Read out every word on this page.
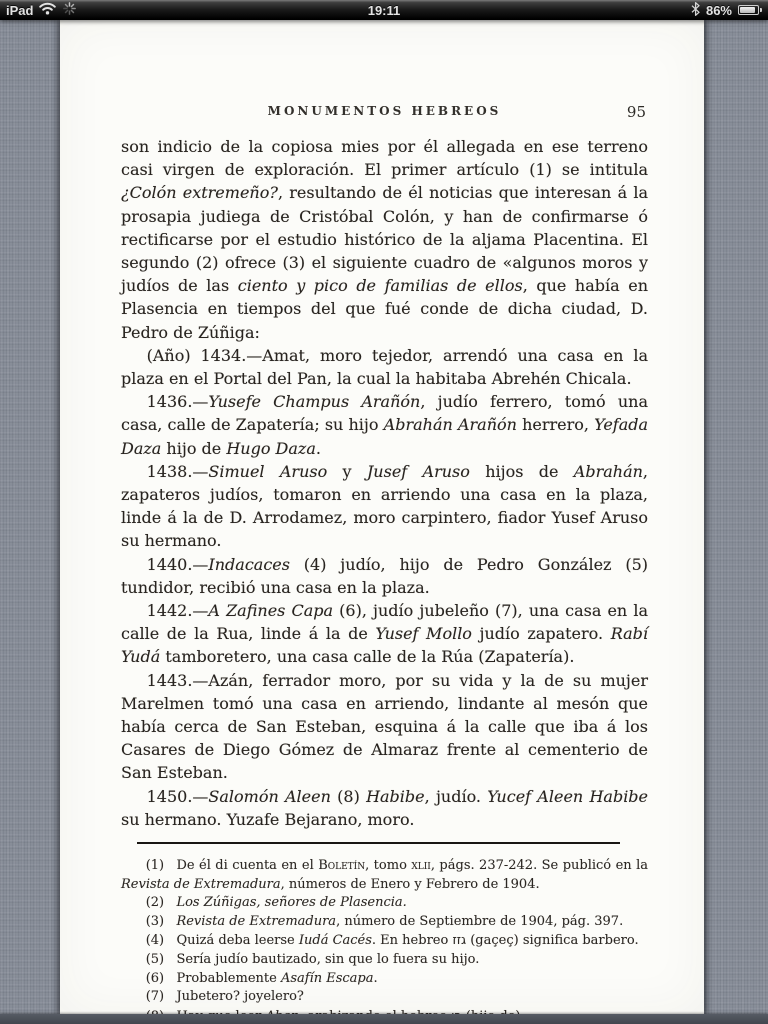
iPad	19:11	86%
MONUMENTOS HEBREOS	95

son indicio de la copiosa mies por él allegada en ese terreno casi virgen de exploración. El primer artículo (1) se intitula ¿Colón extremeño?, resultando de él noticias que interesan á la prosapia judiega de Cristóbal Colón, y han de confirmarse ó rectificarse por el estudio histórico de la aljama Placentina. El segundo (2) ofrece (3) el siguiente cuadro de «algunos moros y judíos de las ciento y pico de familias de ellos, que había en Plasencia en tiempos del que fué conde de dicha ciudad, D. Pedro de Zúñiga:

(Año) 1434.—Amat, moro tejedor, arrendó una casa en la plaza en el Portal del Pan, la cual la habitaba Abrehén Chicala.

1436.—Yusefe Champus Arañón, judío ferrero, tomó una casa, calle de Zapatería; su hijo Abrahán Arañón herrero, Yefada Daza hijo de Hugo Daza.

1438.—Simuel Aruso y Jusef Aruso hijos de Abrahán, zapateros judíos, tomaron en arriendo una casa en la plaza, linde á la de D. Arrodamez, moro carpintero, fiador Yusef Aruso su hermano.

1440.—Indacaces (4) judío, hijo de Pedro González (5) tundidor, recibió una casa en la plaza.

1442.—A Zafines Capa (6), judío jubeleño (7), una casa en la calle de la Rua, linde á la de Yusef Mollo judío zapatero. Rabí Yudá tamboretero, una casa calle de la Rúa (Zapatería).

1443.—Azán, ferrador moro, por su vida y la de su mujer Marelmen tomó una casa en arriendo, lindante al mesón que había cerca de San Esteban, esquina á la calle que iba á los Casares de Diego Gómez de Almaraz frente al cementerio de San Esteban.

1450.—Salomón Aleen (8) Habibe, judío. Yucef Aleen Habibe su hermano. Yuzafe Bejarano, moro.

(1) De él di cuenta en el Boletín, tomo xlii, págs. 237-242. Se publicó en la Revista de Extremadura, números de Enero y Febrero de 1904.

(2) Los Zúñigas, señores de Plasencia.

(3) Revista de Extremadura, número de Septiembre de 1904, pág. 397.

(4) Quizá deba leerse Iudá Cacés. En hebreo גזז (gaçeç) significa barbero.

(5) Sería judío bautizado, sin que lo fuera su hijo.

(6) Probablemente Asafín Escapa.

(7) Jubetero? joyelero?
